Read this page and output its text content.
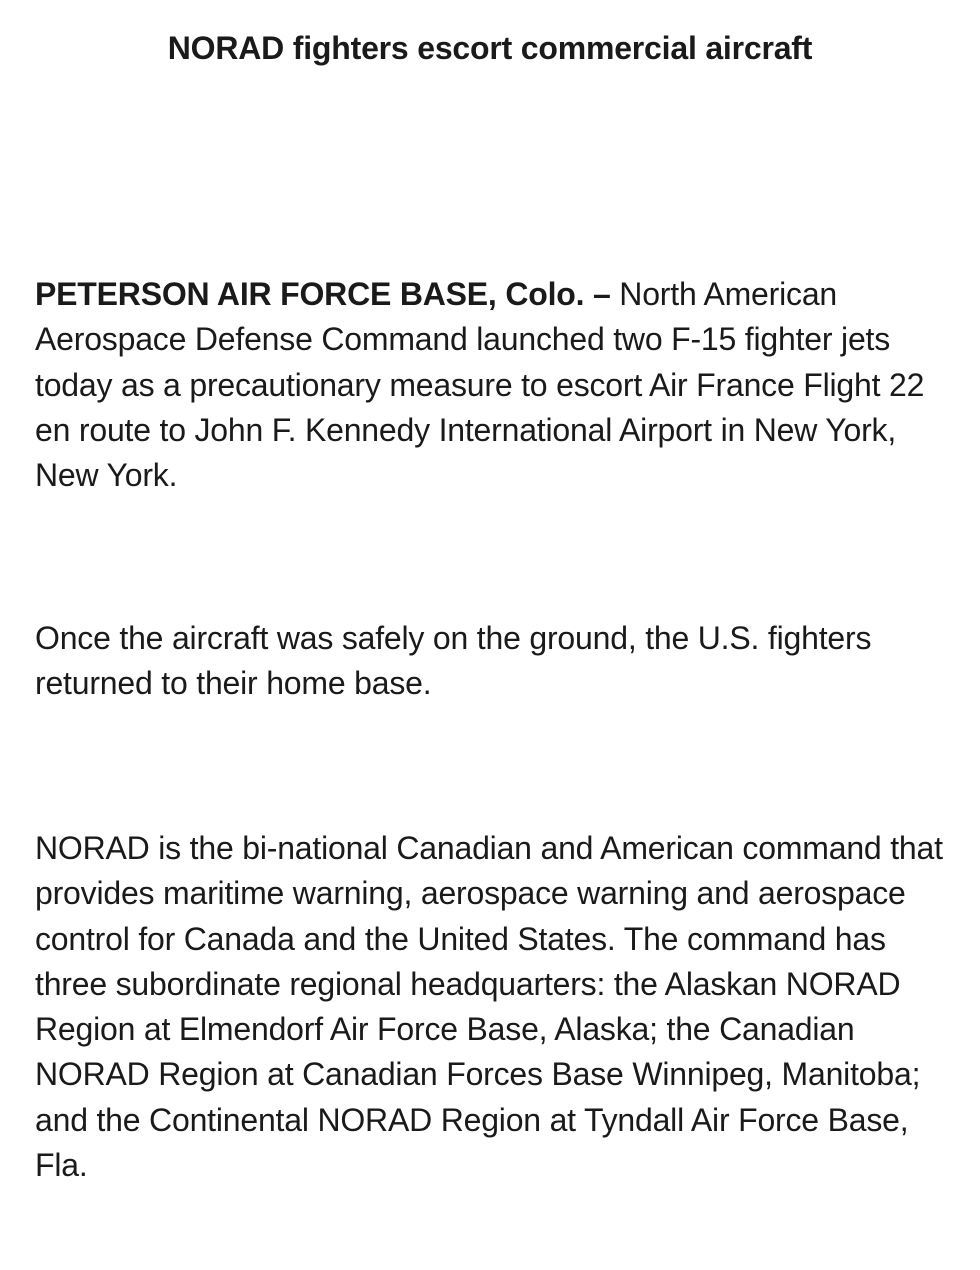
NORAD fighters escort commercial aircraft

PETERSON AIR FORCE BASE, Colo. – North American Aerospace Defense Command launched two F-15 fighter jets today as a precautionary measure to escort Air France Flight 22 en route to John F. Kennedy International Airport in New York, New York.

Once the aircraft was safely on the ground, the U.S. fighters returned to their home base.

NORAD is the bi-national Canadian and American command that provides maritime warning, aerospace warning and aerospace control for Canada and the United States. The command has three subordinate regional headquarters: the Alaskan NORAD Region at Elmendorf Air Force Base, Alaska; the Canadian NORAD Region at Canadian Forces Base Winnipeg, Manitoba; and the Continental NORAD Region at Tyndall Air Force Base, Fla.
